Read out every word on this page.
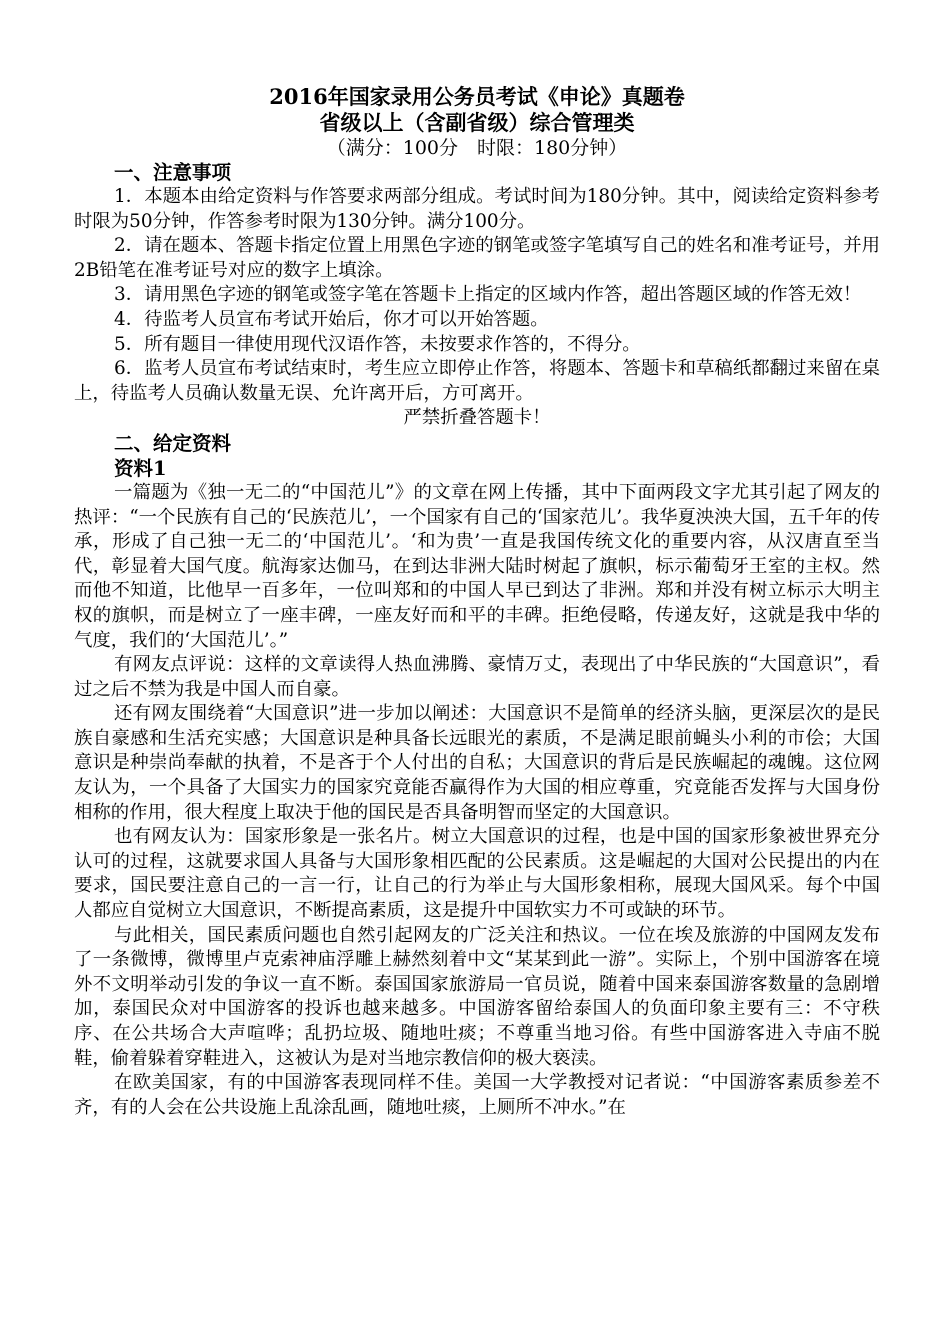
2016年国家录用公务员考试《申论》真题卷

省级以上（含副省级）综合管理类

（满分：100分　时限：180分钟）

一、注意事项

1．本题本由给定资料与作答要求两部分组成。考试时间为180分钟。其中，阅读给定资料参考时限为50分钟，作答参考时限为130分钟。满分100分。

2．请在题本、答题卡指定位置上用黑色字迹的钢笔或签字笔填写自己的姓名和准考证号，并用2B铅笔在准考证号对应的数字上填涂。

3．请用黑色字迹的钢笔或签字笔在答题卡上指定的区域内作答，超出答题区域的作答无效！

4．待监考人员宣布考试开始后，你才可以开始答题。

5．所有题目一律使用现代汉语作答，未按要求作答的，不得分。

6．监考人员宣布考试结束时，考生应立即停止作答，将题本、答题卡和草稿纸都翻过来留在桌上，待监考人员确认数量无误、允许离开后，方可离开。

严禁折叠答题卡！

二、给定资料

资料1

一篇题为《独一无二的“中国范儿”》的文章在网上传播，其中下面两段文字尤其引起了网友的热评：“一个民族有自己的‘民族范儿’，一个国家有自己的‘国家范儿’。我华夏泱泱大国，五千年的传承，形成了自己独一无二的‘中国范儿’。‘和为贵’一直是我国传统文化的重要内容，从汉唐直至当代，彰显着大国气度。航海家达伽马，在到达非洲大陆时树起了旗帜，标示葡萄牙王室的主权。然而他不知道，比他早一百多年，一位叫郑和的中国人早已到达了非洲。郑和并没有树立标示大明主权的旗帜，而是树立了一座丰碑，一座友好而和平的丰碑。拒绝侵略，传递友好，这就是我中华的气度，我们的‘大国范儿’。”

有网友点评说：这样的文章读得人热血沸腾、豪情万丈，表现出了中华民族的“大国意识”，看过之后不禁为我是中国人而自豪。

还有网友围绕着“大国意识”进一步加以阐述：大国意识不是简单的经济头脑，更深层次的是民族自豪感和生活充实感；大国意识是种具备长远眼光的素质，不是满足眼前蝇头小利的市侩；大国意识是种崇尚奉献的执着，不是吝于个人付出的自私；大国意识的背后是民族崛起的魂魄。这位网友认为，一个具备了大国实力的国家究竟能否赢得作为大国的相应尊重，究竟能否发挥与大国身份相称的作用，很大程度上取决于他的国民是否具备明智而坚定的大国意识。

也有网友认为：国家形象是一张名片。树立大国意识的过程，也是中国的国家形象被世界充分认可的过程，这就要求国人具备与大国形象相匹配的公民素质。这是崛起的大国对公民提出的内在要求，国民要注意自己的一言一行，让自己的行为举止与大国形象相称，展现大国风采。每个中国人都应自觉树立大国意识，不断提高素质，这是提升中国软实力不可或缺的环节。

与此相关，国民素质问题也自然引起网友的广泛关注和热议。一位在埃及旅游的中国网友发布了一条微博，微博里卢克索神庙浮雕上赫然刻着中文“某某到此一游”。实际上，个别中国游客在境外不文明举动引发的争议一直不断。泰国国家旅游局一官员说，随着中国来泰国游客数量的急剧增加，泰国民众对中国游客的投诉也越来越多。中国游客留给泰国人的负面印象主要有三：不守秩序、在公共场合大声喧哗；乱扔垃圾、随地吐痰；不尊重当地习俗。有些中国游客进入寺庙不脱鞋，偷着躲着穿鞋进入，这被认为是对当地宗教信仰的极大亵渎。

在欧美国家，有的中国游客表现同样不佳。美国一大学教授对记者说：“中国游客素质参差不齐，有的人会在公共设施上乱涂乱画，随地吐痰，上厕所不冲水。”在
